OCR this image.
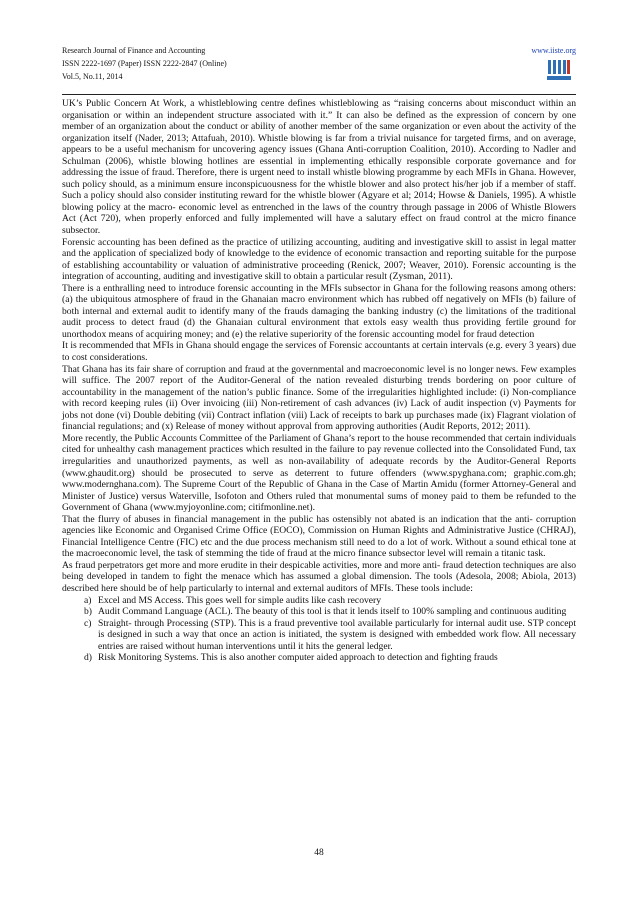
Research Journal of Finance and Accounting
ISSN 2222-1697 (Paper) ISSN 2222-2847 (Online)
Vol.5, No.11, 2014
www.iiste.org

UK’s Public Concern At Work, a whistleblowing centre defines whistleblowing as “raising concerns about misconduct within an organisation or within an independent structure associated with it.” It can also be defined as the expression of concern by one member of an organization about the conduct or ability of another member of the same organization or even about the activity of the organization itself (Nader, 2013; Attafuah, 2010). Whistle blowing is far from a trivial nuisance for targeted firms, and on average, appears to be a useful mechanism for uncovering agency issues (Ghana Anti-corruption Coalition, 2010). According to Nadler and Schulman (2006), whistle blowing hotlines are essential in implementing ethically responsible corporate governance and for addressing the issue of fraud. Therefore, there is urgent need to install whistle blowing programme by each MFIs in Ghana. However, such policy should, as a minimum ensure inconspicuousness for the whistle blower and also protect his/her job if a member of staff. Such a policy should also consider instituting reward for the whistle blower (Agyare et al; 2014; Howse & Daniels, 1995). A whistle blowing policy at the macro- economic level as entrenched in the laws of the country through passage in 2006 of Whistle Blowers Act (Act 720), when properly enforced and fully implemented will have a salutary effect on fraud control at the micro finance subsector.

Forensic accounting has been defined as the practice of utilizing accounting, auditing and investigative skill to assist in legal matter and the application of specialized body of knowledge to the evidence of economic transaction and reporting suitable for the purpose of establishing accountability or valuation of administrative proceeding (Renick, 2007; Weaver, 2010). Forensic accounting is the integration of accounting, auditing and investigative skill to obtain a particular result (Zysman, 2011).

There is a enthralling need to introduce forensic accounting in the MFIs subsector in Ghana for the following reasons among others: (a) the ubiquitous atmosphere of fraud in the Ghanaian macro environment which has rubbed off negatively on MFIs (b) failure of both internal and external audit to identify many of the frauds damaging the banking industry (c) the limitations of the traditional audit process to detect fraud (d) the Ghanaian cultural environment that extols easy wealth thus providing fertile ground for unorthodox means of acquiring money; and (e) the relative superiority of the forensic accounting model for fraud detection

It is recommended that MFIs in Ghana should engage the services of Forensic accountants at certain intervals (e.g. every 3 years) due to cost considerations.

That Ghana has its fair share of corruption and fraud at the governmental and macroeconomic level is no longer news. Few examples will suffice. The 2007 report of the Auditor-General of the nation revealed disturbing trends bordering on poor culture of accountability in the management of the nation’s public finance. Some of the irregularities highlighted include: (i) Non-compliance with record keeping rules (ii) Over invoicing (iii) Non-retirement of cash advances (iv) Lack of audit inspection (v) Payments for jobs not done (vi) Double debiting (vii) Contract inflation (viii) Lack of receipts to bark up purchases made (ix) Flagrant violation of financial regulations; and (x) Release of money without approval from approving authorities (Audit Reports, 2012; 2011).

More recently, the Public Accounts Committee of the Parliament of Ghana’s report to the house recommended that certain individuals cited for unhealthy cash management practices which resulted in the failure to pay revenue collected into the Consolidated Fund, tax irregularities and unauthorized payments, as well as non-availability of adequate records by the Auditor-General Reports (www.ghaudit.org) should be prosecuted to serve as deterrent to future offenders (www.spyghana.com; graphic.com.gh; www.modernghana.com). The Supreme Court of the Republic of Ghana in the Case of Martin Amidu (former Attorney-General and Minister of Justice) versus Waterville, Isofoton and Others ruled that monumental sums of money paid to them be refunded to the Government of Ghana (www.myjoyonline.com; citifmonline.net).

That the flurry of abuses in financial management in the public has ostensibly not abated is an indication that the anti- corruption agencies like Economic and Organised Crime Office (EOCO), Commission on Human Rights and Administrative Justice (CHRAJ), Financial Intelligence Centre (FIC) etc and the due process mechanism still need to do a lot of work. Without a sound ethical tone at the macroeconomic level, the task of stemming the tide of fraud at the micro finance subsector level will remain a titanic task.

As fraud perpetrators get more and more erudite in their despicable activities, more and more anti- fraud detection techniques are also being developed in tandem to fight the menace which has assumed a global dimension. The tools (Adesola, 2008; Abiola, 2013) described here should be of help particularly to internal and external auditors of MFIs. These tools include:

a) Excel and MS Access. This goes well for simple audits like cash recovery
b) Audit Command Language (ACL). The beauty of this tool is that it lends itself to 100% sampling and continuous auditing
c) Straight- through Processing (STP). This is a fraud preventive tool available particularly for internal audit use. STP concept is designed in such a way that once an action is initiated, the system is designed with embedded work flow. All necessary entries are raised without human interventions until it hits the general ledger.
d) Risk Monitoring Systems. This is also another computer aided approach to detection and fighting frauds
48
